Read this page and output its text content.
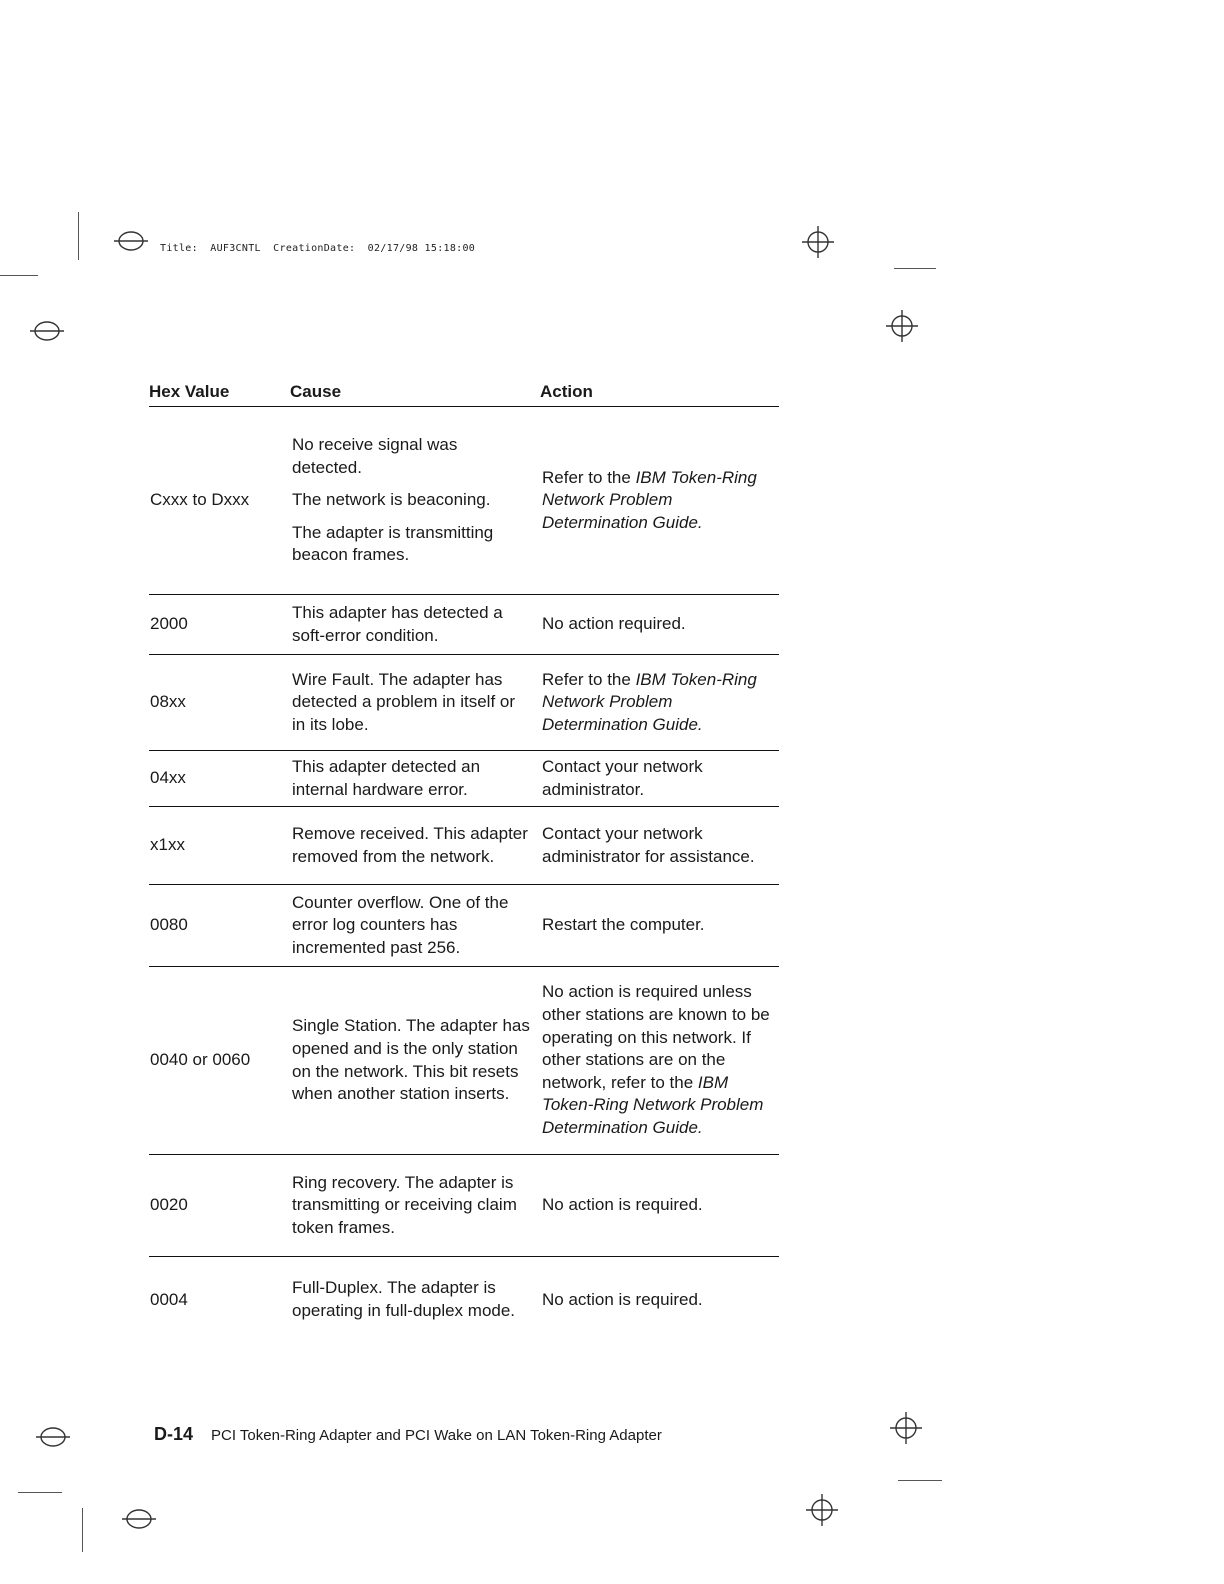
Title: AUF3CNTL CreationDate: 02/17/98 15:18:00
Hex Value	Cause	Action
Cxxx to Dxxx

No receive signal was detected.

The network is beaconing.

The adapter is transmitting beacon frames.

Refer to the IBM Token-Ring Network Problem Determination Guide.
2000
This adapter has detected a soft-error condition.
No action required.
08xx
Wire Fault. The adapter has detected a problem in itself or in its lobe.
Refer to the IBM Token-Ring Network Problem Determination Guide.
04xx
This adapter detected an internal hardware error.
Contact your network administrator.
x1xx
Remove received. This adapter removed from the network.
Contact your network administrator for assistance.
0080
Counter overflow. One of the error log counters has incremented past 256.
Restart the computer.
0040 or 0060
Single Station. The adapter has opened and is the only station on the network. This bit resets when another station inserts.
No action is required unless other stations are known to be operating on this network. If other stations are on the network, refer to the IBM Token-Ring Network Problem Determination Guide.
0020
Ring recovery. The adapter is transmitting or receiving claim token frames.
No action is required.
0004
Full-Duplex. The adapter is operating in full-duplex mode.
No action is required.
D-14 PCI Token-Ring Adapter and PCI Wake on LAN Token-Ring Adapter
